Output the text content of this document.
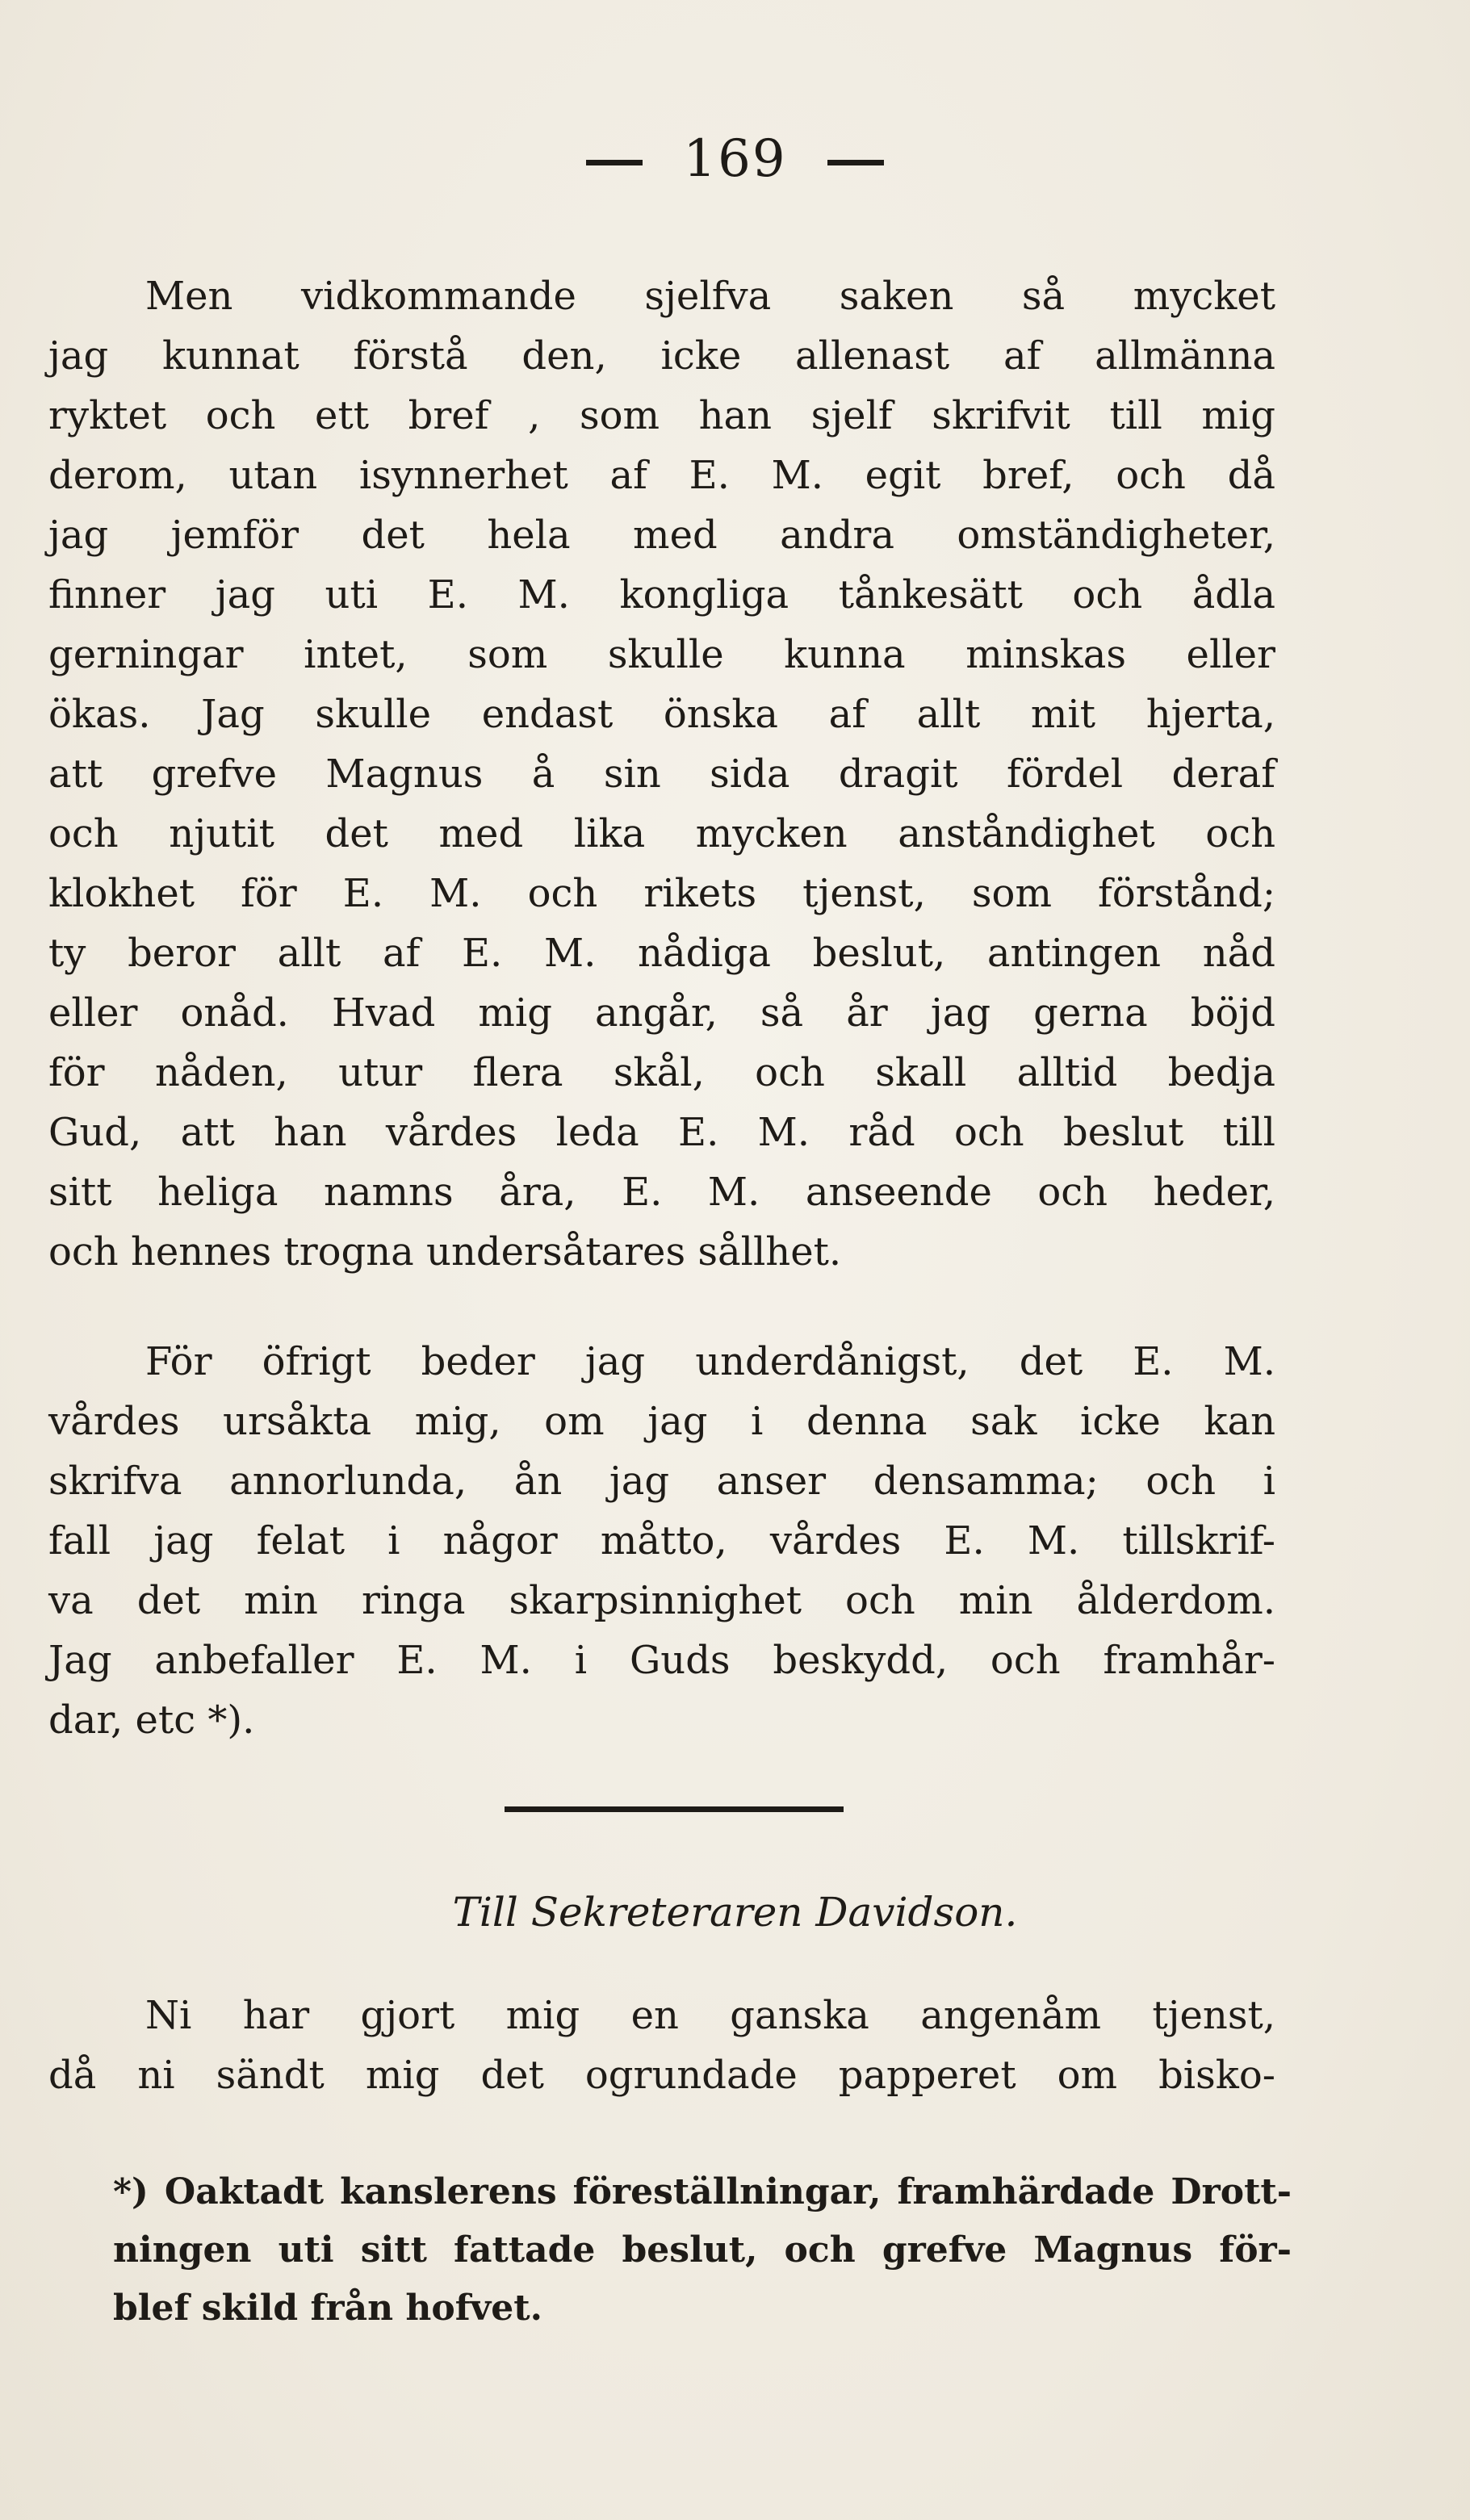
169
Men vidkommande sjelfva saken så mycket
jag kunnat förstå den, icke allenast af allmänna
ryktet och ett bref , som han sjelf skrifvit till mig
derom, utan isynnerhet af E. M. egit bref, och då
jag jemför det hela med andra omständigheter,
finner jag uti E. M. kongliga tånkesätt och ådla
gerningar intet, som skulle kunna minskas eller
ökas. Jag skulle endast önska af allt mit hjerta,
att grefve Magnus å sin sida dragit fördel deraf
och njutit det med lika mycken anståndighet och
klokhet för E. M. och rikets tjenst, som förstånd;
ty beror allt af E. M. nådiga beslut, antingen nåd
eller onåd. Hvad mig angår, så år jag gerna böjd
för nåden, utur flera skål, och skall alltid bedja
Gud, att han vårdes leda E. M. råd och beslut till
sitt heliga namns åra, E. M. anseende och heder,
och hennes trogna undersåtares sållhet.
För öfrigt beder jag underdånigst, det E. M.
vårdes ursåkta mig, om jag i denna sak icke kan
skrifva annorlunda, ån jag anser densamma; och i
fall jag felat i någor måtto, vårdes E. M. tillskrif-
va det min ringa skarpsinnighet och min ålderdom.
Jag anbefaller E. M. i Guds beskydd, och framhår-
dar, etc *).
Till Sekreteraren Davidson.
Ni har gjort mig en ganska angenåm tjenst,
då ni sändt mig det ogrundade papperet om bisko-
*) Oaktadt kanslerens föreställningar, framhärdade Drott-
ningen uti sitt fattade beslut, och grefve Magnus för-
blef skild från hofvet.
